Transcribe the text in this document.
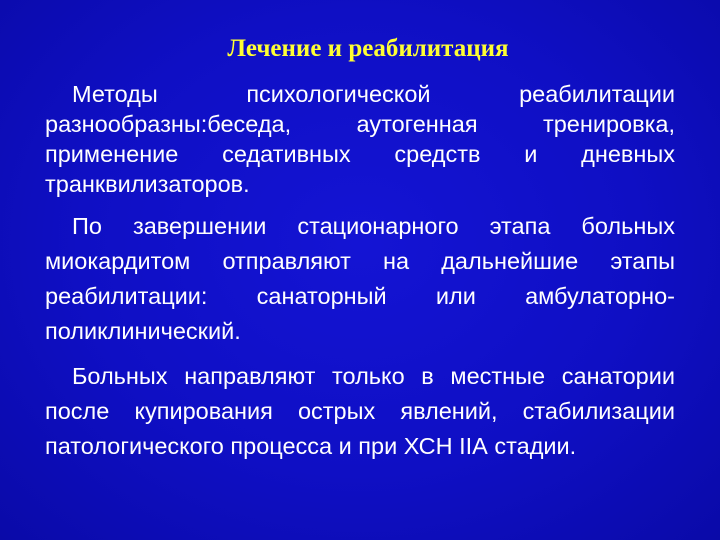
Лечение и реабилитация

Методы психологической реабилитации разнообразны:беседа, аутогенная тренировка, применение седативных средств и дневных транквилизаторов.

По завершении стационарного этапа больных миокардитом отправляют на дальнейшие этапы реабилитации: санаторный или амбулаторно-поликлинический.

Больных направляют только в местные санатории после купирования острых явлений, стабилизации патологического процесса и при ХСН IIА стадии.
